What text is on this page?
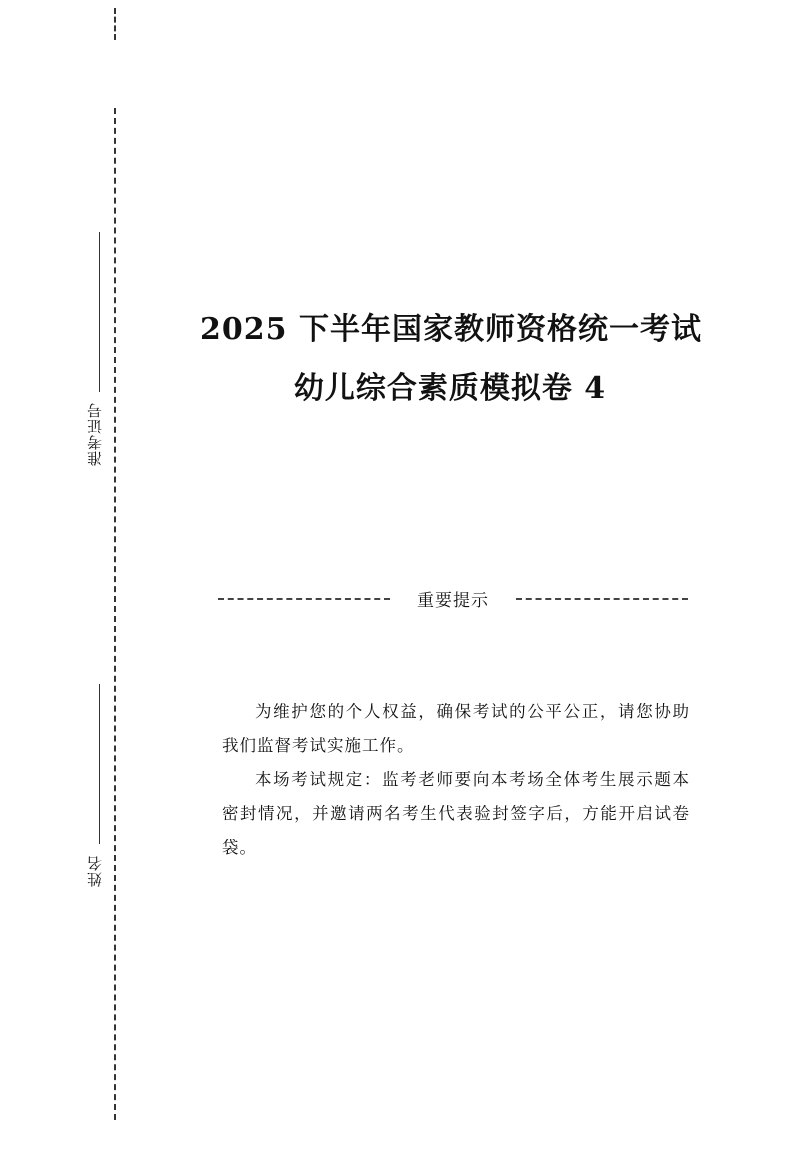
准考证号
姓名
2025 下半年国家教师资格统一考试
幼儿综合素质模拟卷 4
重要提示

为维护您的个人权益，确保考试的公平公正，请您协助我们监督考试实施工作。

本场考试规定：监考老师要向本考场全体考生展示题本密封情况，并邀请两名考生代表验封签字后，方能开启试卷袋。
